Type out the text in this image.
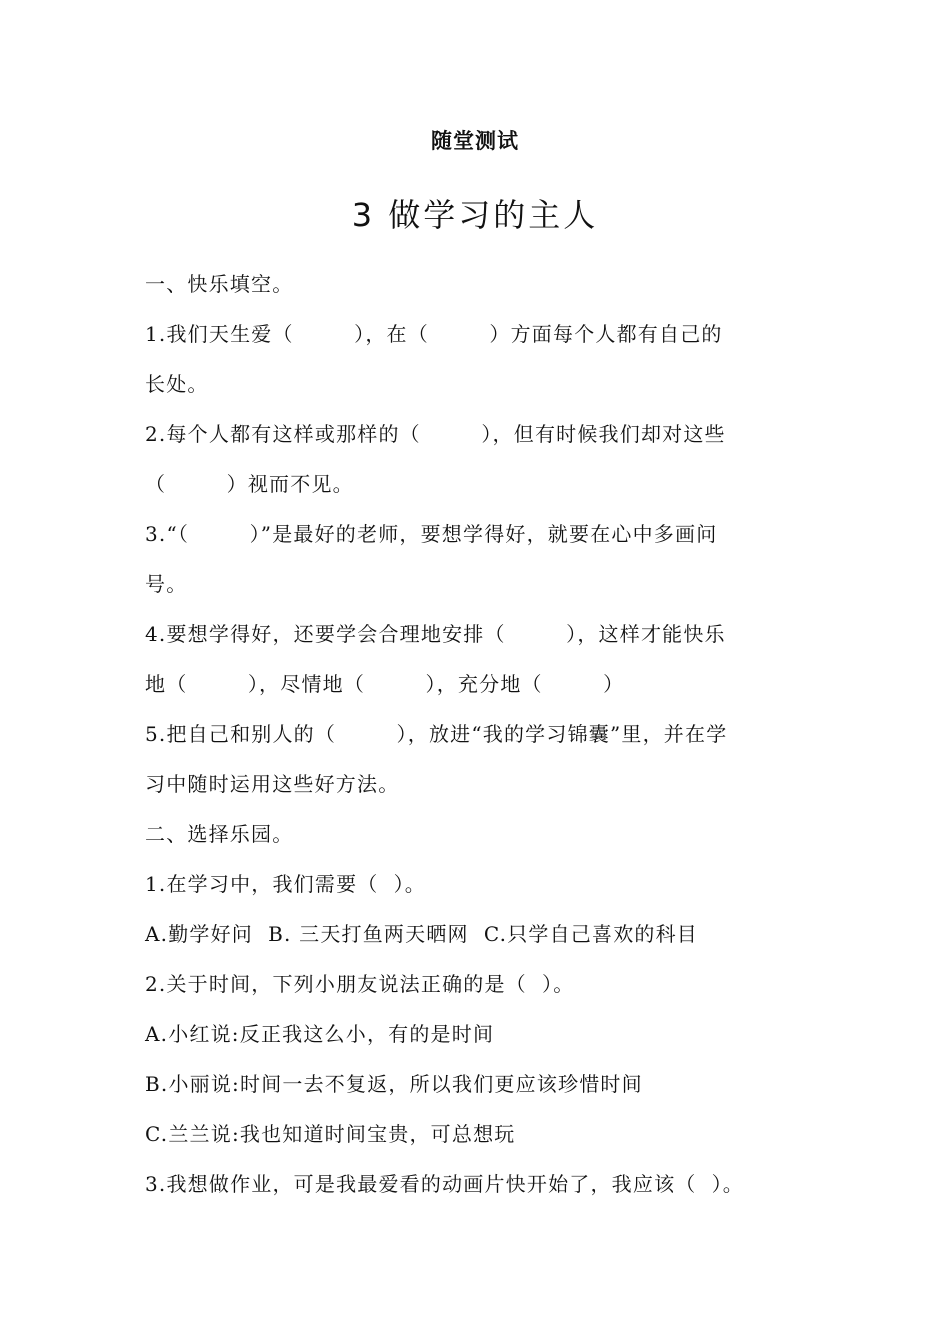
随堂测试
3 做学习的主人
一、快乐填空。
1.我们天生爱（        ），在（        ）方面每个人都有自己的
长处。
2.每个人都有这样或那样的（        ），但有时候我们却对这些
（        ）视而不见。
3.“（        ）”是最好的老师，要想学得好，就要在心中多画问
号。
4.要想学得好，还要学会合理地安排（        ），这样才能快乐
地（        ），尽情地（        ），充分地（        ）
5.把自己和别人的（        ），放进“我的学习锦囊”里，并在学
习中随时运用这些好方法。
二、选择乐园。
1.在学习中，我们需要（  ）。
A.勤学好问  B. 三天打鱼两天晒网  C.只学自己喜欢的科目
2.关于时间，下列小朋友说法正确的是（  ）。
A.小红说:反正我这么小，有的是时间
B.小丽说:时间一去不复返，所以我们更应该珍惜时间
C.兰兰说:我也知道时间宝贵，可总想玩
3.我想做作业，可是我最爱看的动画片快开始了，我应该（  ）。
